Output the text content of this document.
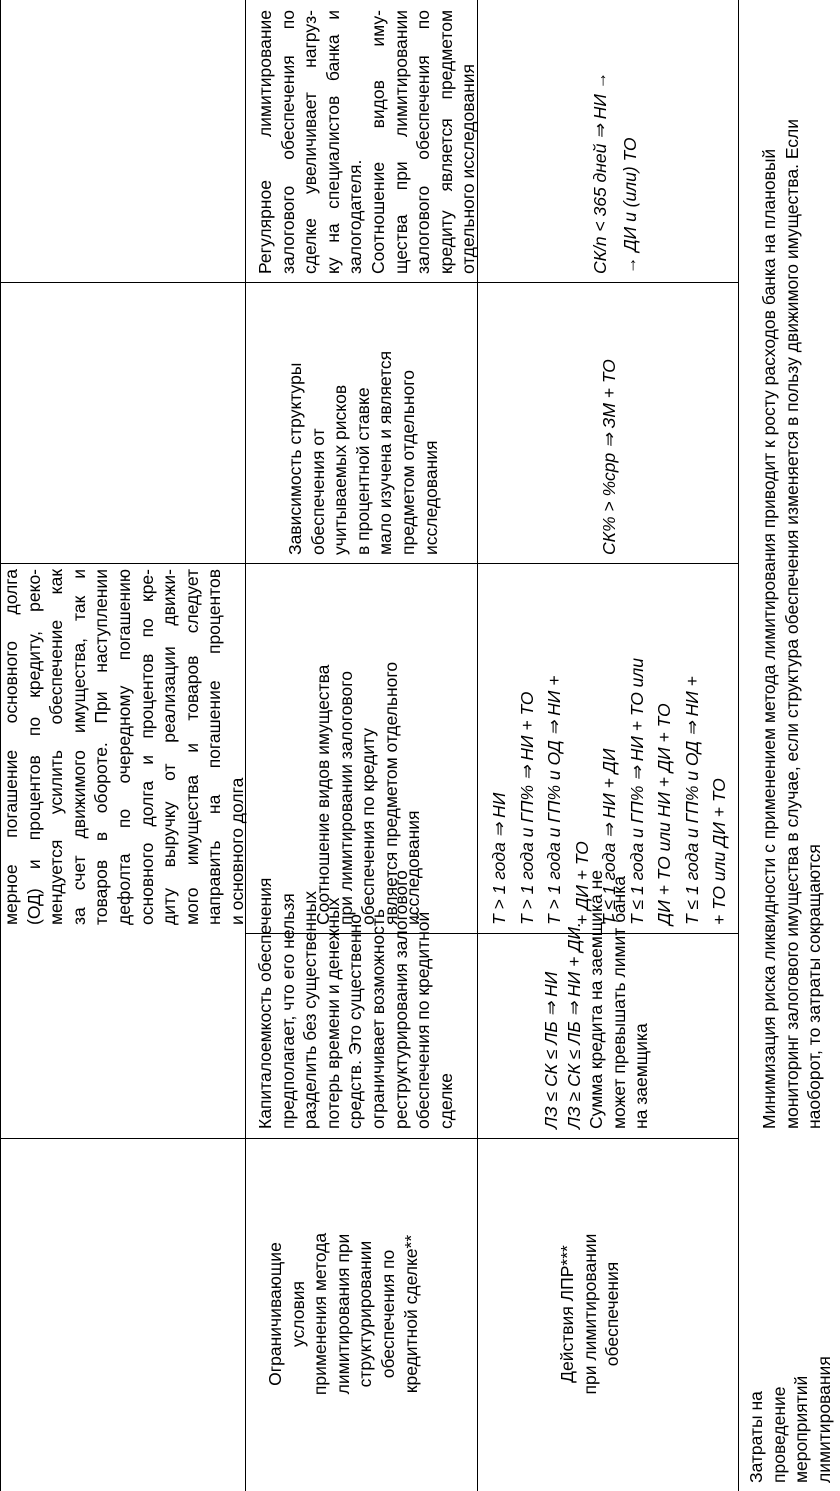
мерное погашение основного долга (ОД) и процентов по кредиту, реко- мендуется усилить обеспечение как за счет движимого имущества, так и товаров в обороте. При наступлении дефолта по очередному погашению основного долга и процентов по кре- диту выручку от реализации движи- мого имущества и товаров следует направить на погашение процентов и основного долга
Ограничивающие условия применения метода лимитирования при структурировании обеспечения по кредитной сделке**
Капиталоемкость обеспечения предполагает, что его нельзя разделить без существенных потерь времени и денежных средств. Это существенно ограничивает возможность реструктурирования залогового обеспечения по кредитной сделке
Соотношение видов имущества при лимитировании залогового обеспечения по кредиту является предметом отдельного исследования
Зависимость структуры обеспечения от учитываемых рисков в процентной ставке мало изучена и является предметом отдельного исследования
Регулярное лимитирование залогового обеспечения по сделке увеличивает нагруз- ку на специалистов банка и залогодателя. Соотношение видов иму- щества при лимитировании залогового обеспечения по кредиту является предметом отдельного исследования
Действия ЛПР*** при лимитировании обеспечения
ЛЗ ≤ СК ≤ ЛБ ⇒ НИ ЛЗ ≥ СК ≤ ЛБ ⇒ НИ + ДИ. Сумма кредита на заемщика не может превышать лимит банка на заемщика
Т > 1 года ⇒ НИ Т > 1 года и ГП% ⇒ НИ + ТО Т > 1 года и ГП% и ОД ⇒ НИ + + ДИ + ТО Т ≤ 1 года ⇒ НИ + ДИ Т ≤ 1 года и ГП% ⇒ НИ + ТО или ДИ + ТО или НИ + ДИ + ТО Т ≤ 1 года и ГП% и ОД ⇒ НИ + + ТО или ДИ + ТО
СК% > %срр ⇒ ЗМ + ТО
СК/n < 365 дней ⇒ НИ → → ДИ и (или) ТО
Затраты на проведение мероприятий лимитирования
Минимизация риска ликвидности с применением метода лимитирования приводит к росту расходов банка на плановый мониторинг залогового имущества в случае, если структура обеспечения изменяется в пользу движимого имущества. Если наоборот, то затраты сокращаются
